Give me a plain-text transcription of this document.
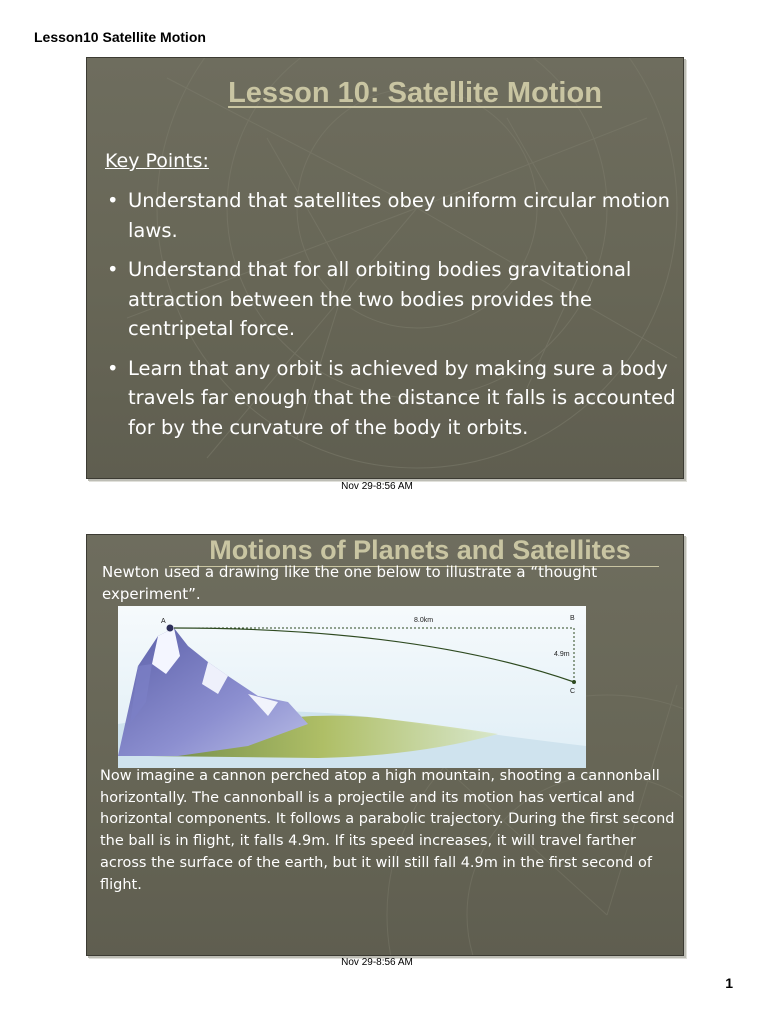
Lesson10 Satellite Motion
Lesson 10: Satellite Motion
Key Points:
• Understand that satellites obey uniform circular motion laws.
• Understand that for all orbiting bodies gravitational attraction between the two bodies provides the centripetal force.
• Learn that any orbit is achieved by making sure a body travels far enough that the distance it falls is accounted for by the curvature of the body it orbits.
Nov 29-8:56 AM
Motions of Planets and Satellites
Newton used a drawing like the one below to illustrate a “thought experiment”.
A	B
C
8.0km
4.9m
Now imagine a cannon perched atop a high mountain, shooting a cannonball horizontally. The cannonball is a projectile and its motion has vertical and horizontal components. It follows a parabolic trajectory. During the first second the ball is in flight, it falls 4.9m. If its speed increases, it will travel farther across the surface of the earth, but it will still fall 4.9m in the first second of flight.
Nov 29-8:56 AM
1
